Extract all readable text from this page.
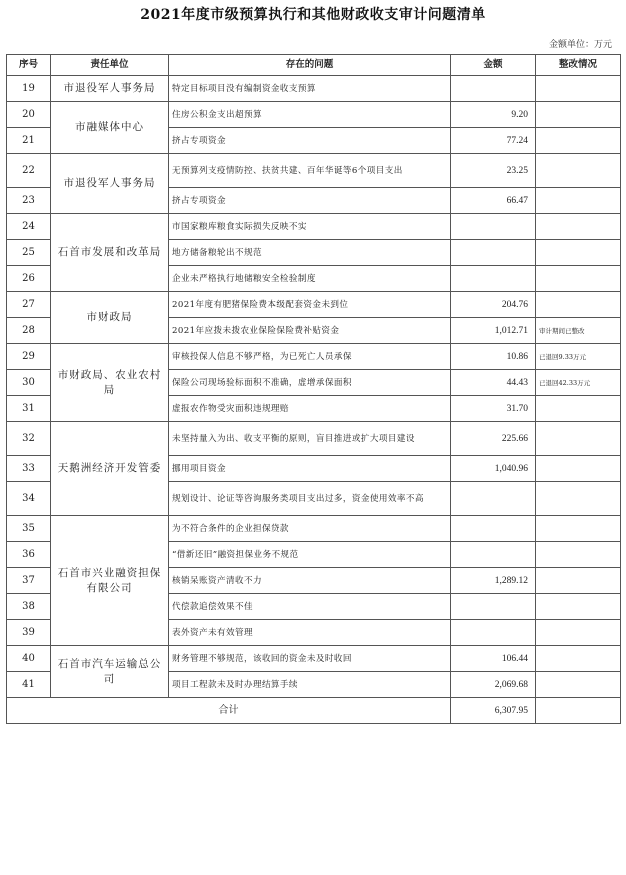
2021年度市级预算执行和其他财政收支审计问题清单
金额单位：万元
序号	责任单位	存在的问题	金额	整改情况
19	市退役军人事务局	特定目标项目没有编制资金收支预算		
20	市融媒体中心	住房公积金支出超预算	9.20	
21		挤占专项资金	77.24	
22	市退役军人事务局	无预算列支疫情防控、扶贫共建、百年华诞等6个项目支出	23.25	
23		挤占专项资金	66.47	
24	石首市发展和改革局	市国家粮库粮食实际损失反映不实		
25		地方储备粮轮出不规范		
26		企业未严格执行地储粮安全检验制度		
27	市财政局	2021年度有肥猪保险费本级配套资金未到位	204.76	
28		2021年应拨未拨农业保险保险费补贴资金	1,012.71	审计期间已整改
29	市财政局、农业农村局	审核投保人信息不够严格，为已死亡人员承保	10.86	已退回9.33万元
30		保险公司现场验标面积不准确，虚增承保面积	44.43	已退回42.33万元
31		虚报农作物受灾面积违规理赔	31.70	
32	天鹅洲经济开发管委	未坚持量入为出、收支平衡的原则，盲目推进或扩大项目建设	225.66	
33		挪用项目资金	1,040.96	
34		规划设计、论证等咨询服务类项目支出过多，资金使用效率不高		
35	石首市兴业融资担保有限公司	为不符合条件的企业担保贷款		
36		“借新还旧”融资担保业务不规范		
37		核销呆账资产清收不力	1,289.12	
38		代偿款追偿效果不佳		
39		表外资产未有效管理		
40	石首市汽车运输总公司	财务管理不够规范，该收回的资金未及时收回	106.44	
41		项目工程款未及时办理结算手续	2,069.68	
合计			6,307.95	
